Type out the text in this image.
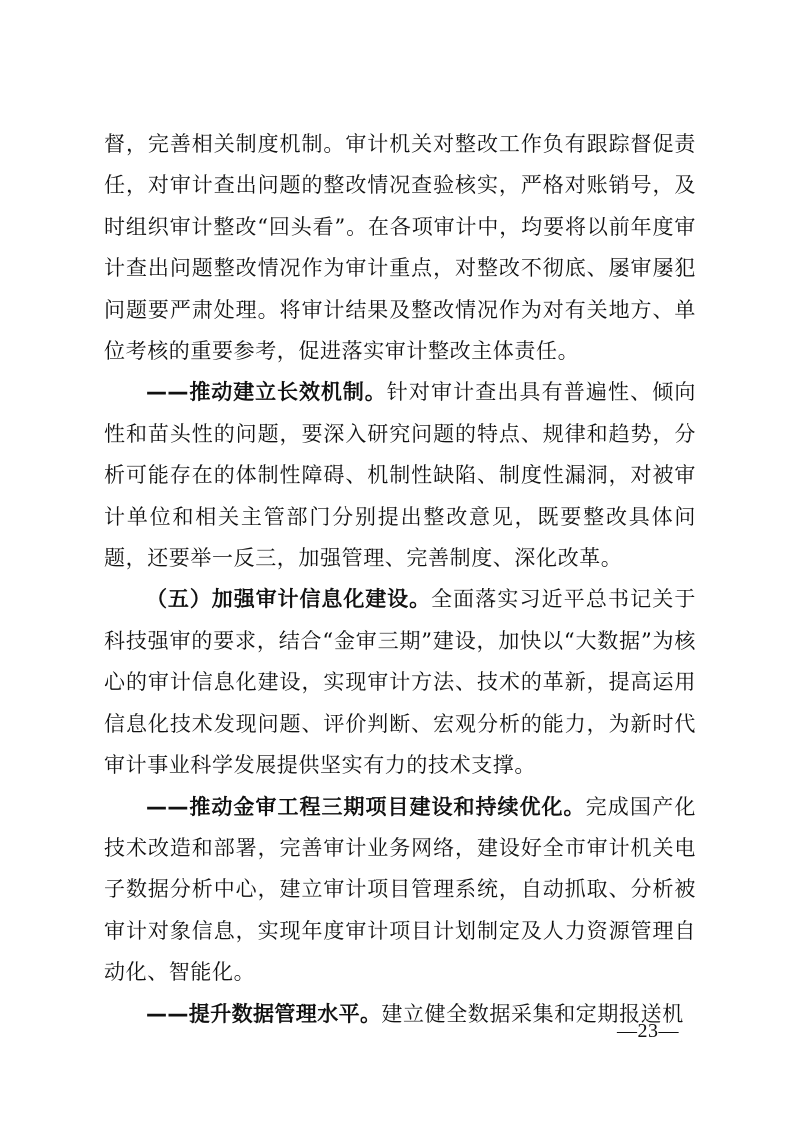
督，完善相关制度机制。审计机关对整改工作负有跟踪督促责任，对审计查出问题的整改情况查验核实，严格对账销号，及时组织审计整改“回头看”。在各项审计中，均要将以前年度审计查出问题整改情况作为审计重点，对整改不彻底、屡审屡犯问题要严肃处理。将审计结果及整改情况作为对有关地方、单位考核的重要参考，促进落实审计整改主体责任。

——推动建立长效机制。针对审计查出具有普遍性、倾向性和苗头性的问题，要深入研究问题的特点、规律和趋势，分析可能存在的体制性障碍、机制性缺陷、制度性漏洞，对被审计单位和相关主管部门分别提出整改意见，既要整改具体问题，还要举一反三，加强管理、完善制度、深化改革。

（五）加强审计信息化建设。全面落实习近平总书记关于科技强审的要求，结合“金审三期”建设，加快以“大数据”为核心的审计信息化建设，实现审计方法、技术的革新，提高运用信息化技术发现问题、评价判断、宏观分析的能力，为新时代审计事业科学发展提供坚实有力的技术支撑。

——推动金审工程三期项目建设和持续优化。完成国产化技术改造和部署，完善审计业务网络，建设好全市审计机关电子数据分析中心，建立审计项目管理系统，自动抓取、分析被审计对象信息，实现年度审计项目计划制定及人力资源管理自动化、智能化。

——提升数据管理水平。建立健全数据采集和定期报送机

—23—
